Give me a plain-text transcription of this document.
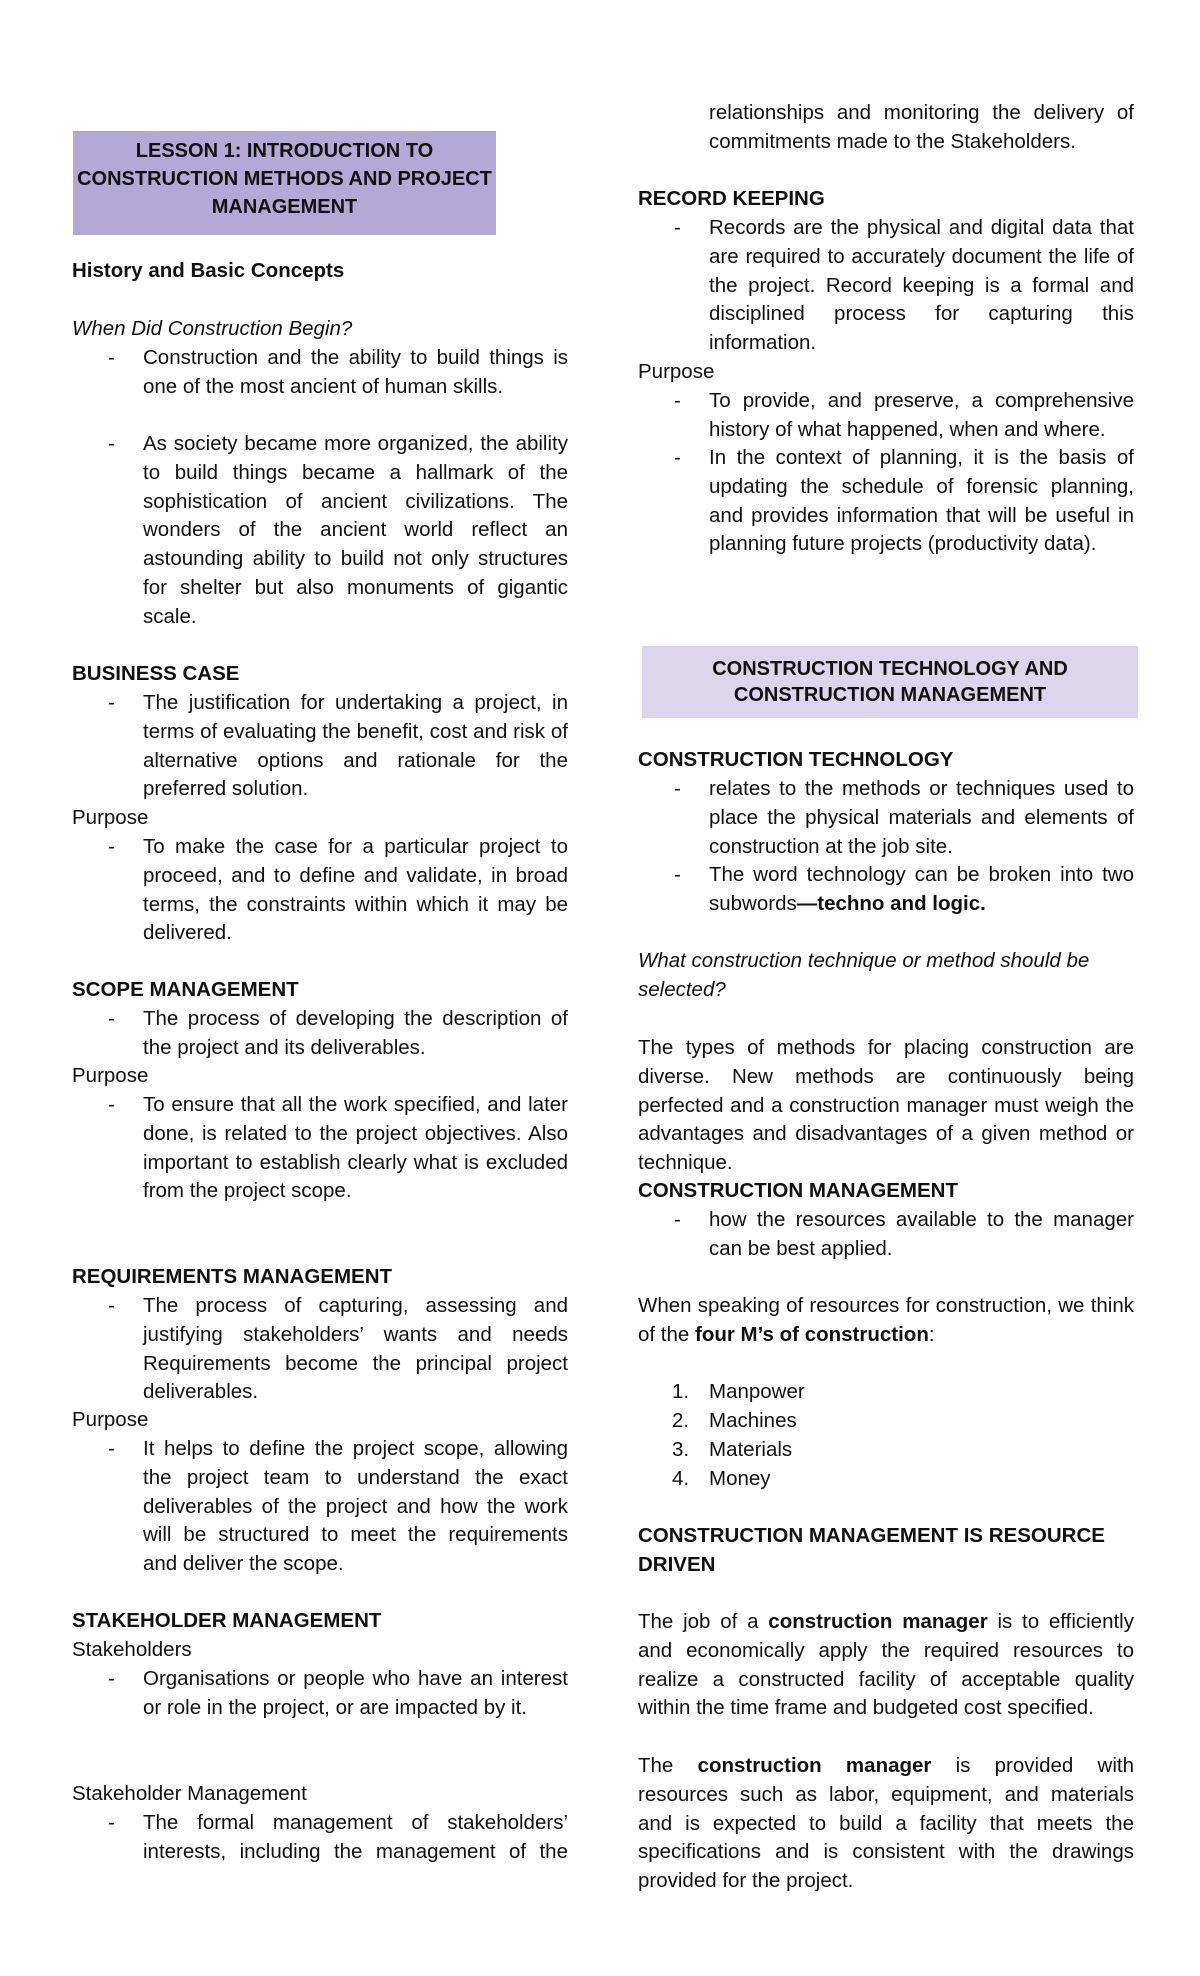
LESSON 1: INTRODUCTION TO CONSTRUCTION METHODS AND PROJECT MANAGEMENT
History and Basic Concepts
When Did Construction Begin?
- Construction and the ability to build things is one of the most ancient of human skills.
- As society became more organized, the ability to build things became a hallmark of the sophistication of ancient civilizations. The wonders of the ancient world reflect an astounding ability to build not only structures for shelter but also monuments of gigantic scale.
BUSINESS CASE
- The justification for undertaking a project, in terms of evaluating the benefit, cost and risk of alternative options and rationale for the preferred solution.
Purpose
- To make the case for a particular project to proceed, and to define and validate, in broad terms, the constraints within which it may be delivered.
SCOPE MANAGEMENT
- The process of developing the description of the project and its deliverables.
Purpose
- To ensure that all the work specified, and later done, is related to the project objectives. Also important to establish clearly what is excluded from the project scope.
REQUIREMENTS MANAGEMENT
- The process of capturing, assessing and justifying stakeholders’ wants and needs Requirements become the principal project deliverables.
Purpose
- It helps to define the project scope, allowing the project team to understand the exact deliverables of the project and how the work will be structured to meet the requirements and deliver the scope.
STAKEHOLDER MANAGEMENT
Stakeholders
- Organisations or people who have an interest or role in the project, or are impacted by it.
Stakeholder Management
- The formal management of stakeholders’ interests, including the management of the
relationships and monitoring the delivery of commitments made to the Stakeholders.
RECORD KEEPING
- Records are the physical and digital data that are required to accurately document the life of the project. Record keeping is a formal and disciplined process for capturing this information.
Purpose
- To provide, and preserve, a comprehensive history of what happened, when and where.
- In the context of planning, it is the basis of updating the schedule of forensic planning, and provides information that will be useful in planning future projects (productivity data).
CONSTRUCTION TECHNOLOGY
- relates to the methods or techniques used to place the physical materials and elements of construction at the job site.
- The word technology can be broken into two subwords—techno and logic.
What construction technique or method should be selected?
The types of methods for placing construction are diverse. New methods are continuously being perfected and a construction manager must weigh the advantages and disadvantages of a given method or technique.
CONSTRUCTION MANAGEMENT
- how the resources available to the manager can be best applied.
When speaking of resources for construction, we think of the four M’s of construction:
1. Manpower
2. Machines
3. Materials
4. Money
CONSTRUCTION MANAGEMENT IS RESOURCE DRIVEN
The job of a construction manager is to efficiently and economically apply the required resources to realize a constructed facility of acceptable quality within the time frame and budgeted cost specified.
The construction manager is provided with resources such as labor, equipment, and materials and is expected to build a facility that meets the specifications and is consistent with the drawings provided for the project.
CONSTRUCTION TECHNOLOGY AND CONSTRUCTION MANAGEMENT
